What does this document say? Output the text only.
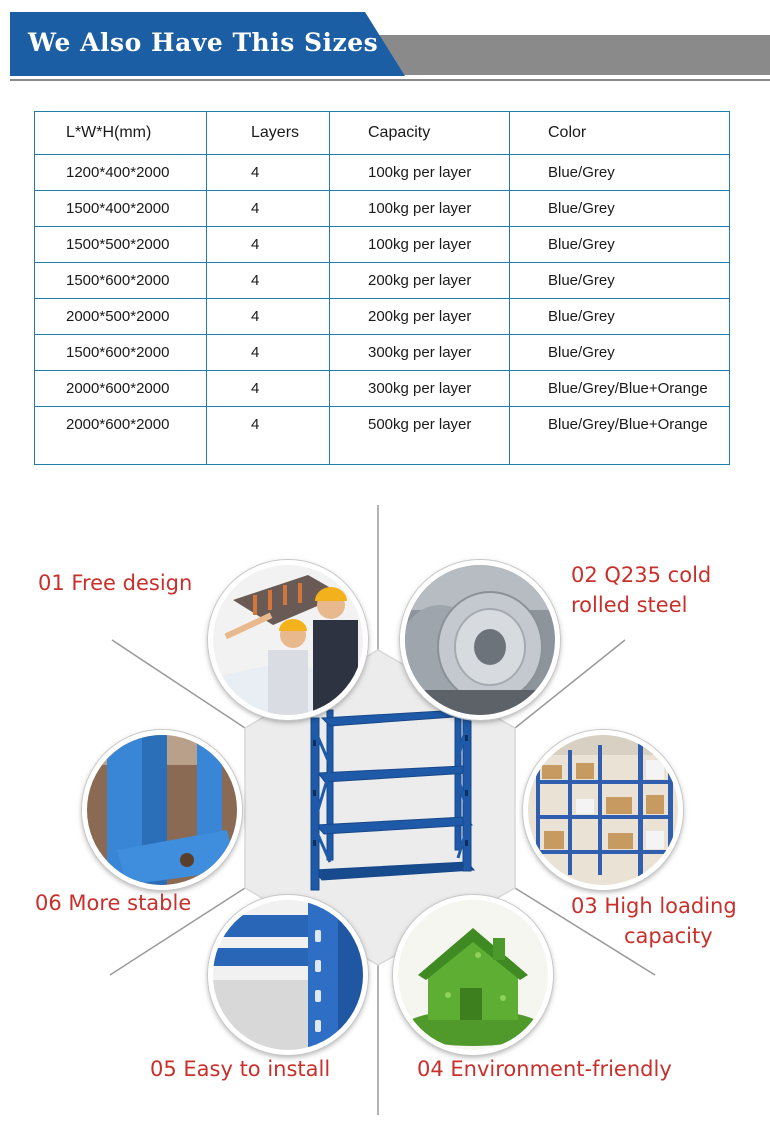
We Also Have This Sizes
L*W*H(mm)	Layers	Capacity	Color
1200*400*2000	4	100kg per layer	Blue/Grey
1500*400*2000	4	100kg per layer	Blue/Grey
1500*500*2000	4	100kg per layer	Blue/Grey
1500*600*2000	4	200kg per layer	Blue/Grey
2000*500*2000	4	200kg per layer	Blue/Grey
1500*600*2000	4	300kg per layer	Blue/Grey
2000*600*2000	4	300kg per layer	Blue/Grey/Blue+Orange
2000*600*2000	4	500kg per layer	Blue/Grey/Blue+Orange
01 Free design	02 Q235 cold
rolled steel
03 High loading
capacity
04 Environment-friendly
05 Easy to install
06 More stable
